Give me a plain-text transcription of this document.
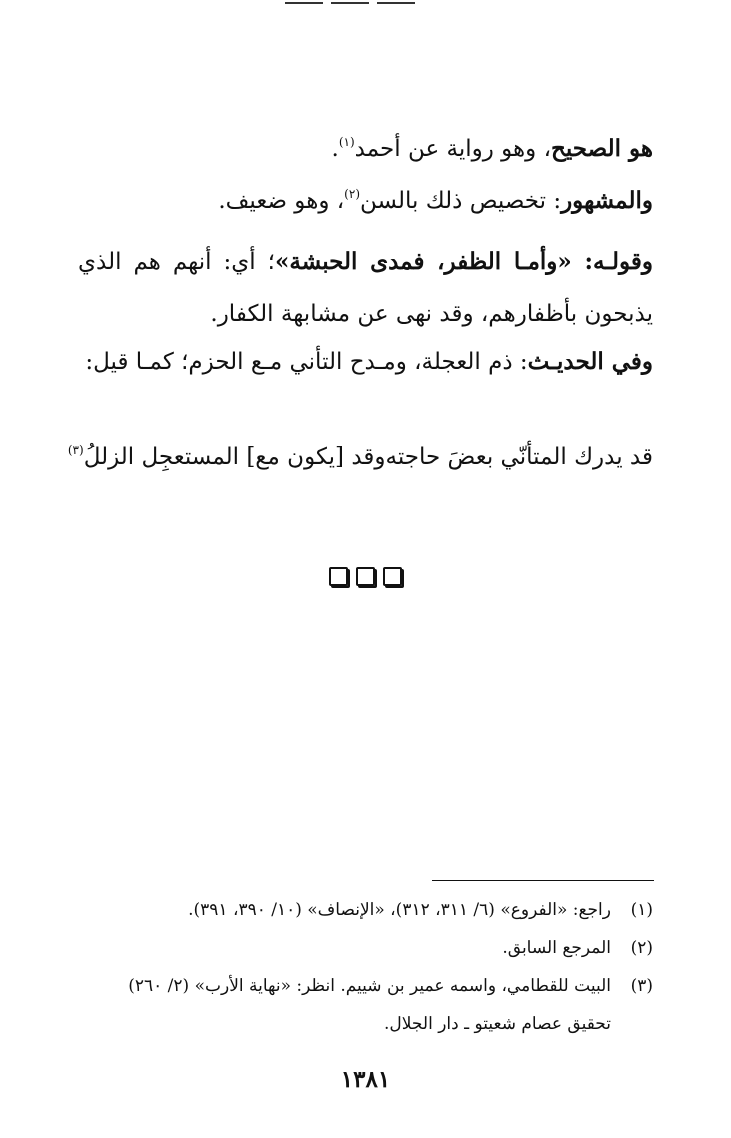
هو الصحيح، وهو رواية عن أحمد$^{(١)}$.
والمشهور: تخصيص ذلك بالسن$^{(٢)}$، وهو ضعيف.
وقولـه: «وأمـا الظفر، فمدى الحبشة»؛ أي: أنهم هم الذي يذبحون بأظفارهم، وقد نهى عن مشابهة الكفار.
وفي الحديـث: ذم العجلة، ومـدح التأني مـع الحزم؛ كمـا قيل:
قد يدرك المتأنّي بعضَ حاجته
وقد [يكون مع] المستعجِل الزللُ$^{(٣)}$
(١)
راجع: «الفروع» (٦/ ٣١١، ٣١٢)، «الإنصاف» (١٠/ ٣٩٠، ٣٩١).
(٢)
المرجع السابق.
(٣)
البيت للقطامي، واسمه عمير بن شييم. انظر: «نهاية الأرب» (٢/ ٢٦٠)
تحقيق عصام شعيتو ـ دار الجلال.
١٣٨١
